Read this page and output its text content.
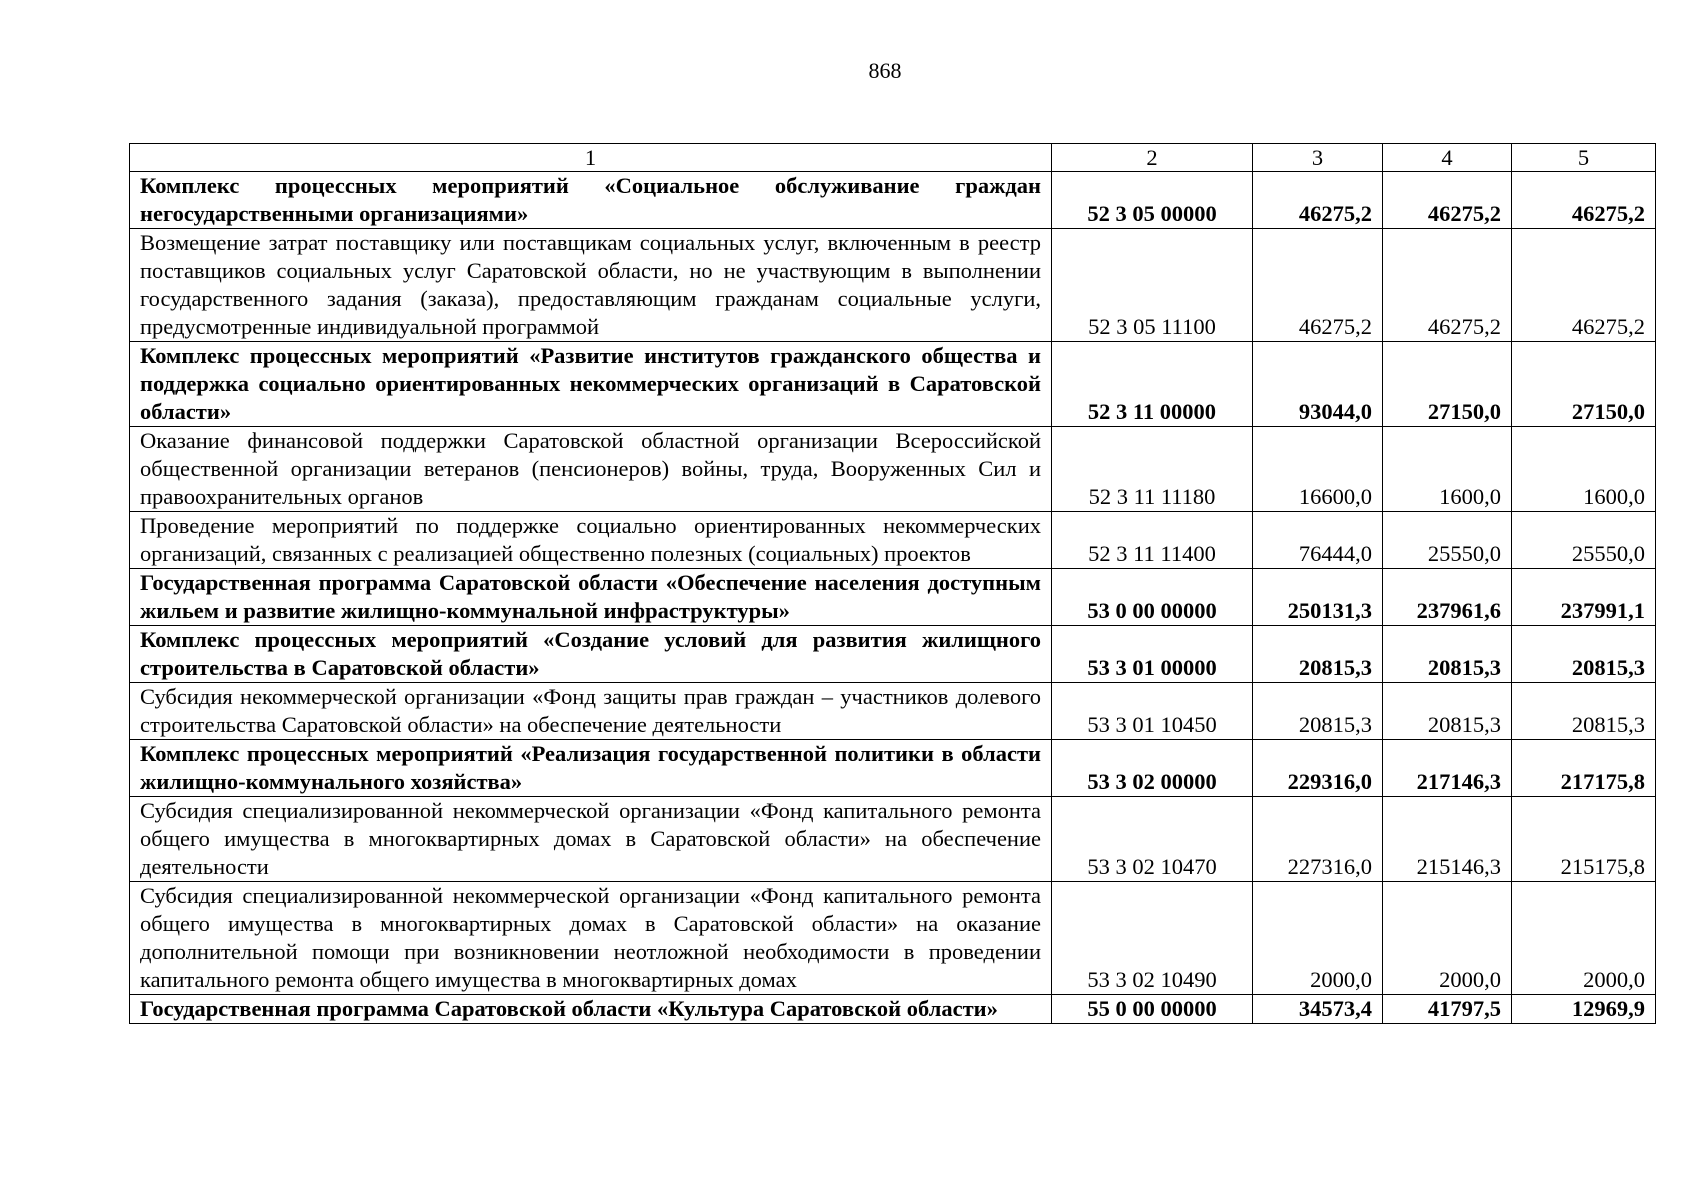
868
1	2	3	4	5
Комплекс процессных мероприятий «Социальное обслуживание граждан негосударственными организациями»	52 3 05 00000	46275,2	46275,2	46275,2
Возмещение затрат поставщику или поставщикам социальных услуг, включенным в реестр поставщиков социальных услуг Саратовской области, но не участвующим в выполнении государственного задания (заказа), предоставляющим гражданам социальные услуги, предусмотренные индивидуальной программой	52 3 05 11100	46275,2	46275,2	46275,2
Комплекс процессных мероприятий «Развитие институтов гражданского общества и поддержка социально ориентированных некоммерческих организаций в Саратовской области»	52 3 11 00000	93044,0	27150,0	27150,0
Оказание финансовой поддержки Саратовской областной организации Всероссийской общественной организации ветеранов (пенсионеров) войны, труда, Вооруженных Сил и правоохранительных органов	52 3 11 11180	16600,0	1600,0	1600,0
Проведение мероприятий по поддержке социально ориентированных некоммерческих организаций, связанных с реализацией общественно полезных (социальных) проектов	52 3 11 11400	76444,0	25550,0	25550,0
Государственная программа Саратовской области «Обеспечение населения доступным жильем и развитие жилищно-коммунальной инфраструктуры»	53 0 00 00000	250131,3	237961,6	237991,1
Комплекс процессных мероприятий «Создание условий для развития жилищного строительства в Саратовской области»	53 3 01 00000	20815,3	20815,3	20815,3
Субсидия некоммерческой организации «Фонд защиты прав граждан – участников долевого строительства Саратовской области» на обеспечение деятельности	53 3 01 10450	20815,3	20815,3	20815,3
Комплекс процессных мероприятий «Реализация государственной политики в области жилищно-коммунального хозяйства»	53 3 02 00000	229316,0	217146,3	217175,8
Субсидия специализированной некоммерческой организации «Фонд капитального ремонта общего имущества в многоквартирных домах в Саратовской области» на обеспечение деятельности	53 3 02 10470	227316,0	215146,3	215175,8
Субсидия специализированной некоммерческой организации «Фонд капитального ремонта общего имущества в многоквартирных домах в Саратовской области» на оказание дополнительной помощи при возникновении неотложной необходимости в проведении капитального ремонта общего имущества в многоквартирных домах	53 3 02 10490	2000,0	2000,0	2000,0
Государственная программа Саратовской области «Культура Саратовской области»	55 0 00 00000	34573,4	41797,5	12969,9
